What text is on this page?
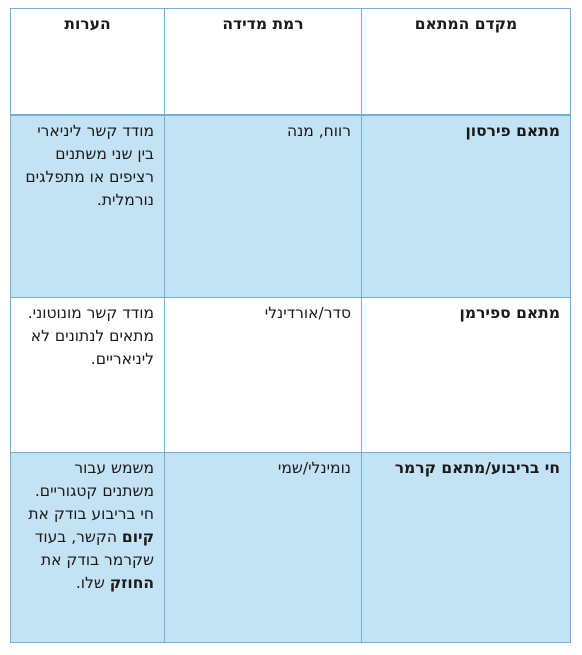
מקדם המתאם	רמת מדידה	הערות
מתאם פירסון	רווח, מנה	מודד קשר ליניארי בין שני משתנים רציפים או מתפלגים נורמלית.
מתאם ספירמן	סדר/אורדינלי	מודד קשר מונוטוני. מתאים לנתונים לא ליניאריים.
חי בריבוע/מתאם קרמר	נומינלי/שמי	משמש עבור משתנים קטגוריים. חי בריבוע בודק את קיום הקשר, בעוד שקרמר בודק את החוזק שלו.
